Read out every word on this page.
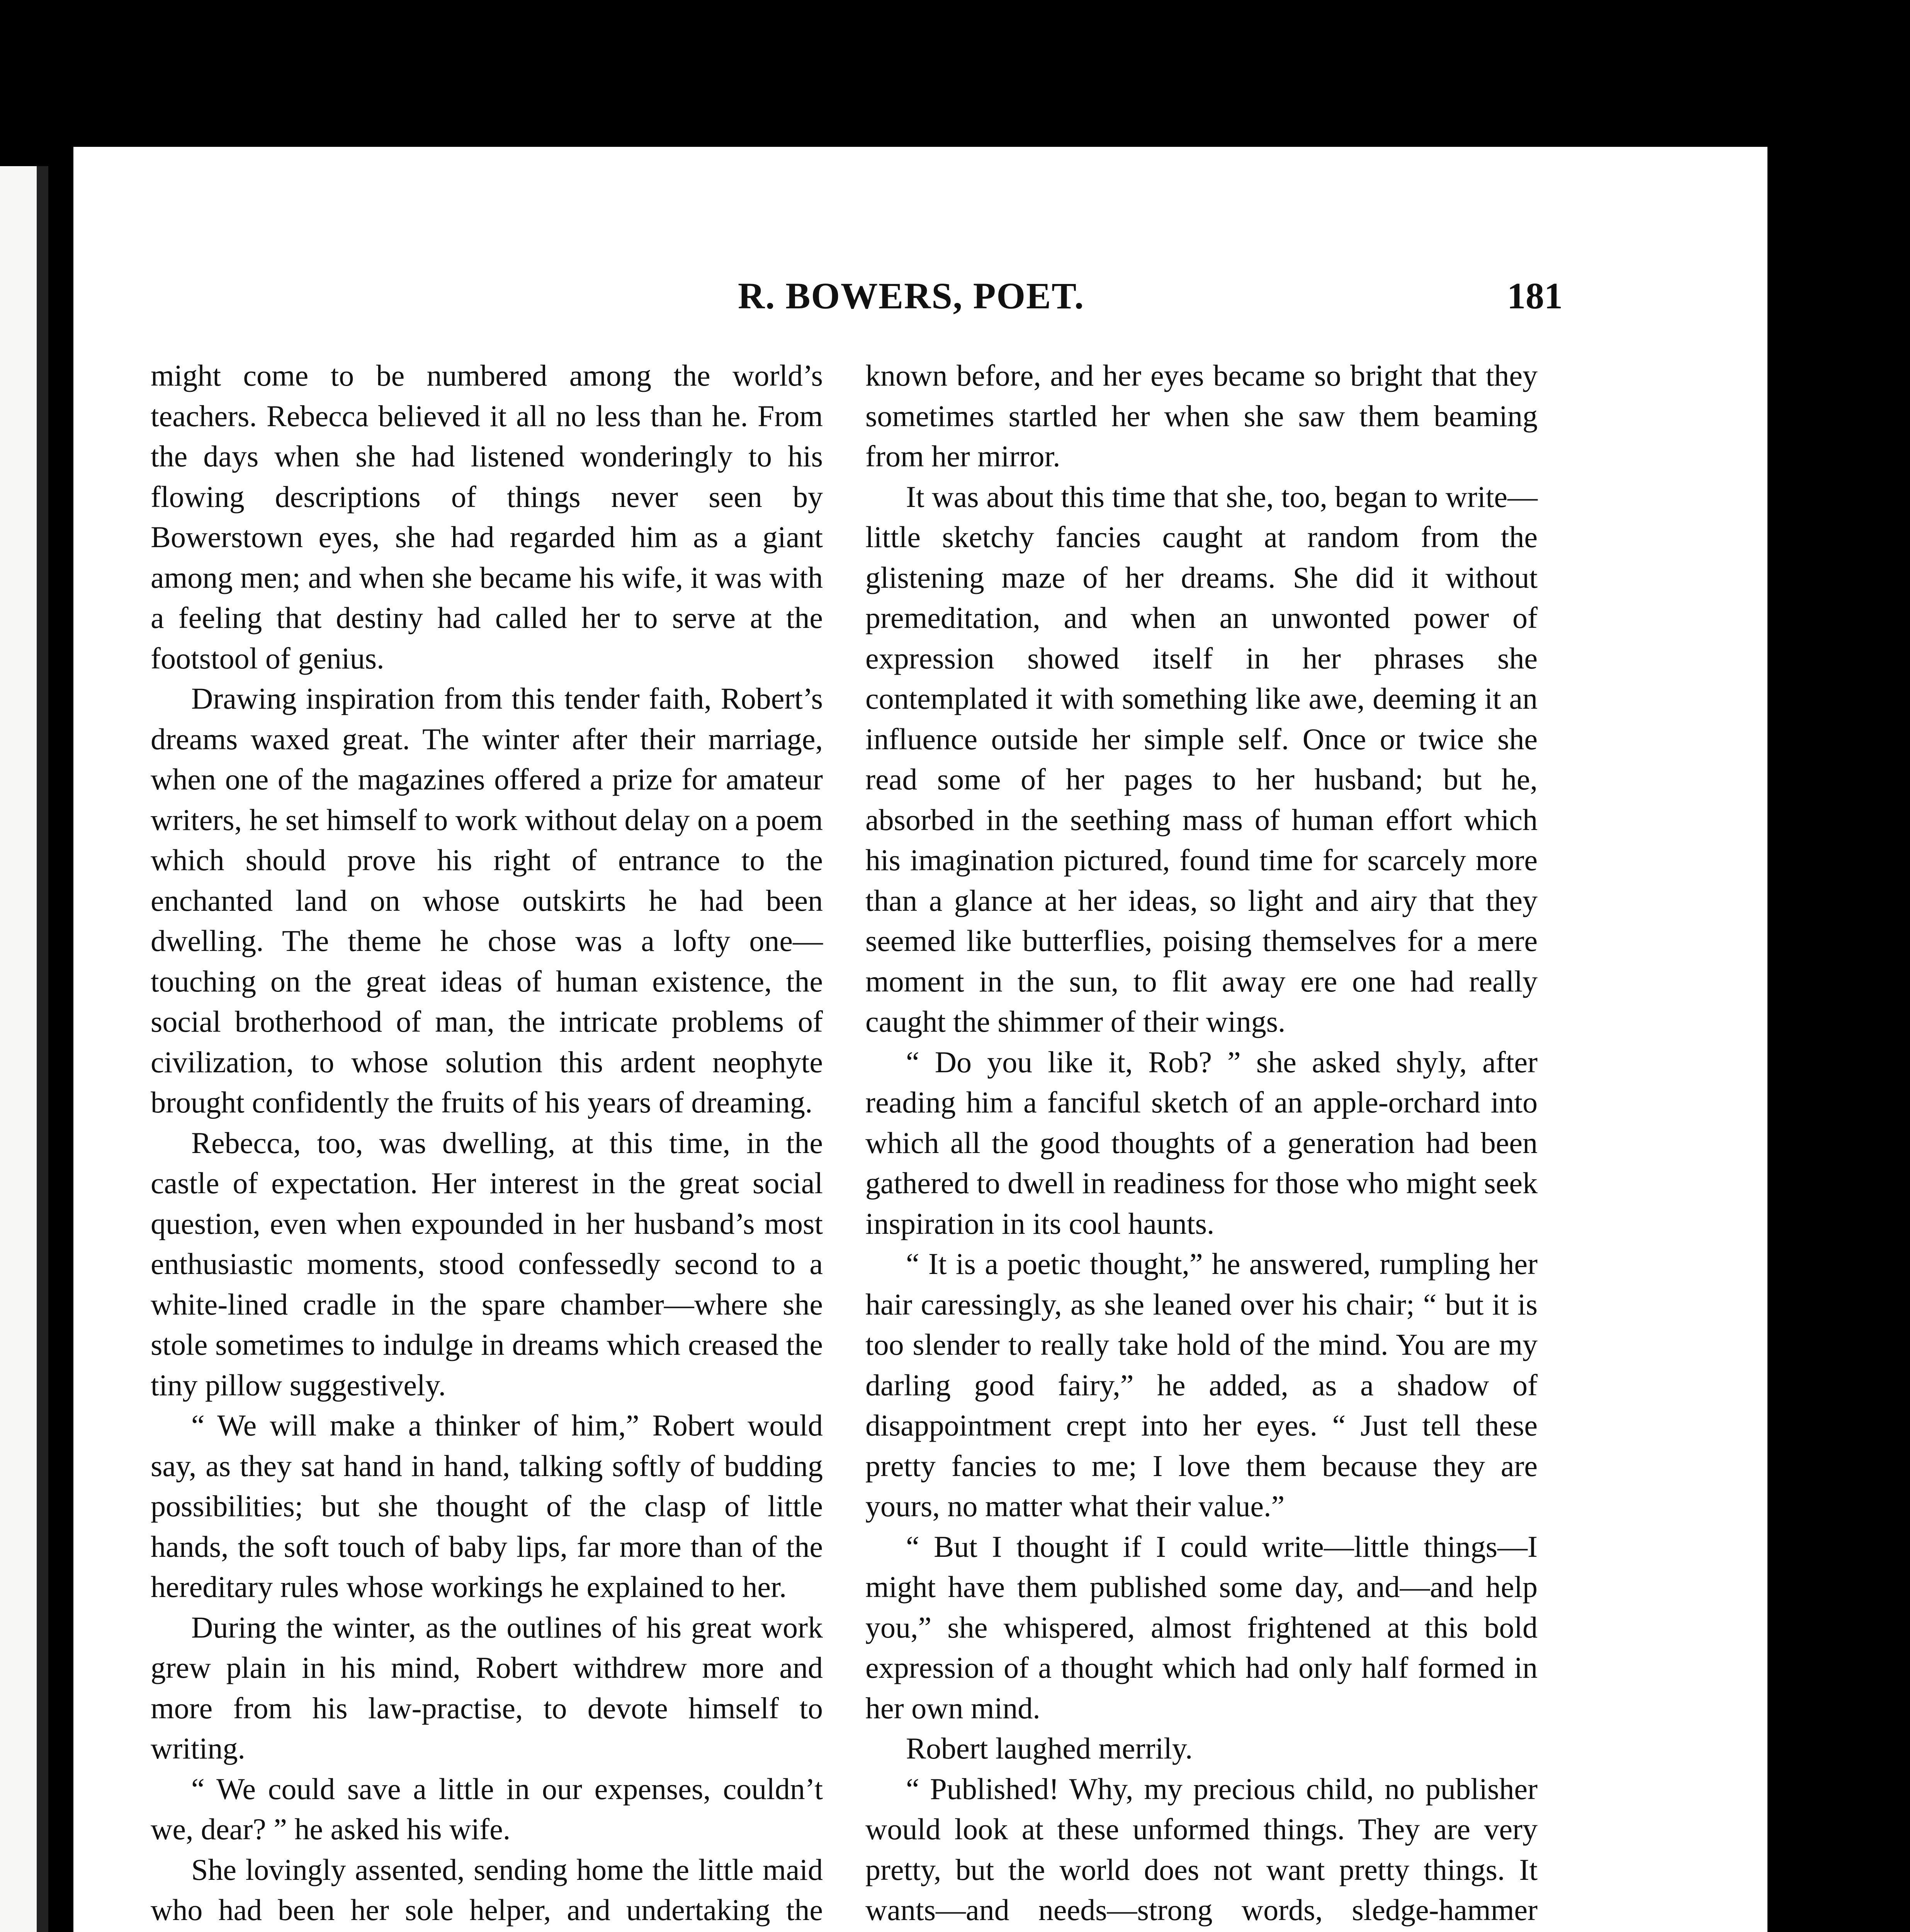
R. BOWERS, POET.	181

might come to be numbered among the world’s teachers. Rebecca believed it all no less than he. From the days when she had listened wonderingly to his flowing descriptions of things never seen by Bowerstown eyes, she had regarded him as a giant among men; and when she became his wife, it was with a feeling that destiny had called her to serve at the footstool of genius.

Drawing inspiration from this tender faith, Robert’s dreams waxed great. The winter after their marriage, when one of the magazines offered a prize for amateur writers, he set himself to work without delay on a poem which should prove his right of entrance to the enchanted land on whose outskirts he had been dwelling. The theme he chose was a lofty one—touching on the great ideas of human existence, the social brotherhood of man, the intricate problems of civilization, to whose solution this ardent neophyte brought confidently the fruits of his years of dreaming.

Rebecca, too, was dwelling, at this time, in the castle of expectation. Her interest in the great social question, even when expounded in her husband’s most enthusiastic moments, stood confessedly second to a white-lined cradle in the spare chamber—where she stole sometimes to indulge in dreams which creased the tiny pillow suggestively.

“ We will make a thinker of him,” Robert would say, as they sat hand in hand, talking softly of budding possibilities; but she thought of the clasp of little hands, the soft touch of baby lips, far more than of the hereditary rules whose workings he explained to her.

During the winter, as the outlines of his great work grew plain in his mind, Robert withdrew more and more from his law-practise, to devote himself to writing.

“ We could save a little in our expenses, couldn’t we, dear? ” he asked his wife.

She lovingly assented, sending home the little maid who had been her sole helper, and undertaking the

known before, and her eyes became so bright that they sometimes startled her when she saw them beaming from her mirror.

It was about this time that she, too, began to write—little sketchy fancies caught at random from the glistening maze of her dreams. She did it without premeditation, and when an unwonted power of expression showed itself in her phrases she contemplated it with something like awe, deeming it an influence outside her simple self. Once or twice she read some of her pages to her husband; but he, absorbed in the seething mass of human effort which his imagination pictured, found time for scarcely more than a glance at her ideas, so light and airy that they seemed like butterflies, poising themselves for a mere moment in the sun, to flit away ere one had really caught the shimmer of their wings.

“ Do you like it, Rob? ” she asked shyly, after reading him a fanciful sketch of an apple-orchard into which all the good thoughts of a generation had been gathered to dwell in readiness for those who might seek inspiration in its cool haunts.

“ It is a poetic thought,” he answered, rumpling her hair caressingly, as she leaned over his chair; “ but it is too slender to really take hold of the mind. You are my darling good fairy,” he added, as a shadow of disappointment crept into her eyes. “ Just tell these pretty fancies to me; I love them because they are yours, no matter what their value.”

“ But I thought if I could write—little things—I might have them published some day, and—and help you,” she whispered, almost frightened at this bold expression of a thought which had only half formed in her own mind.

Robert laughed merrily.

“ Published! Why, my precious child, no publisher would look at these unformed things. They are very pretty, but the world does not want pretty things. It wants—and needs—strong words, sledge-hammer
